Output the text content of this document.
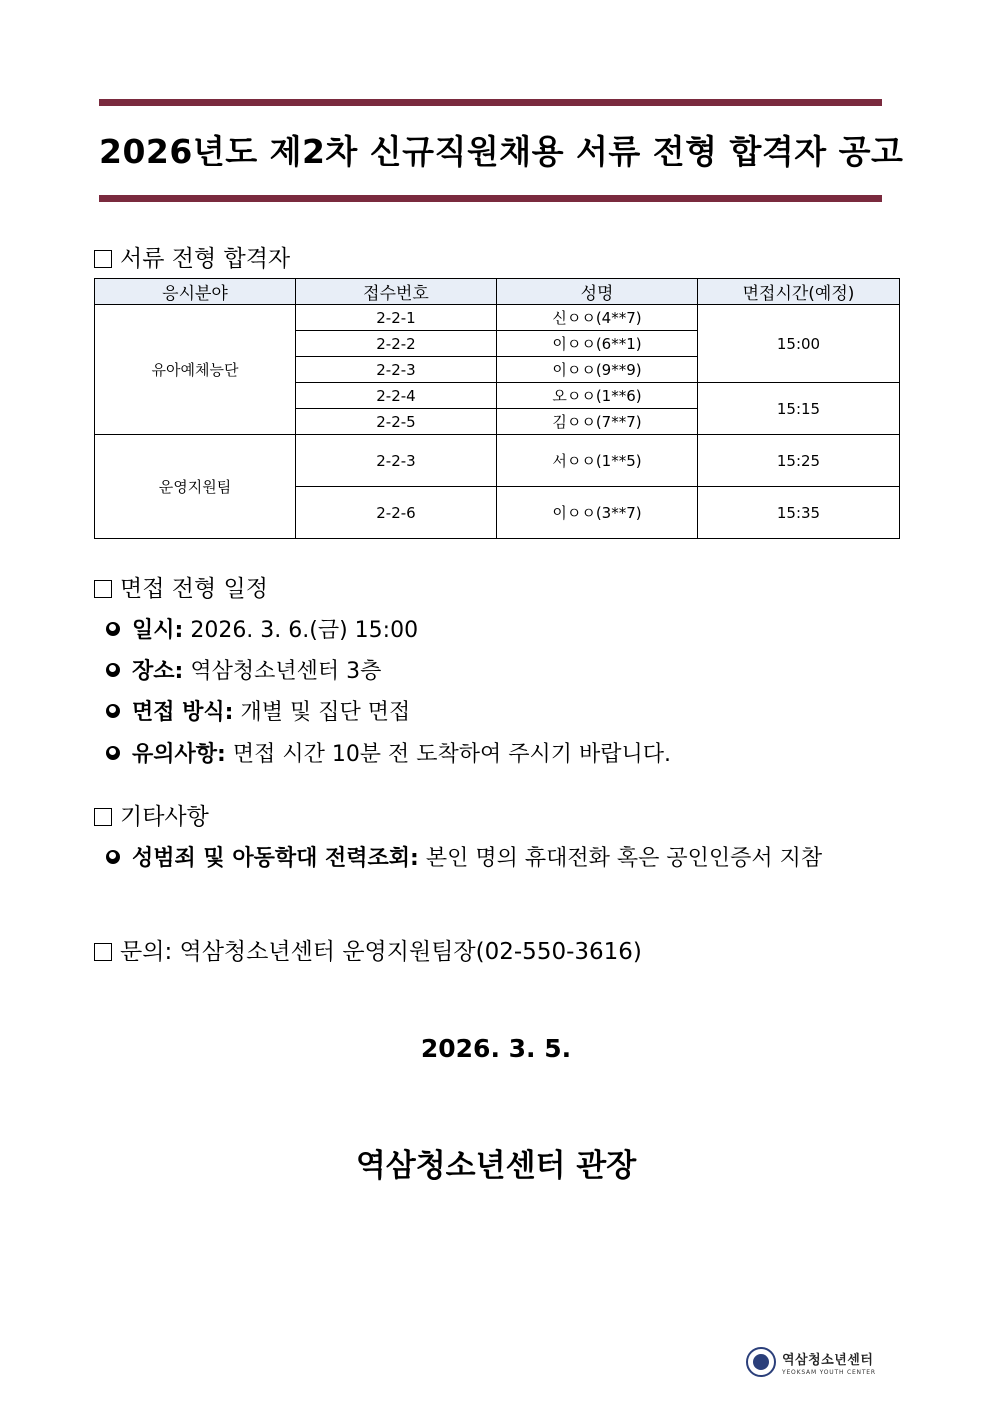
2026년도 제2차 신규직원채용 서류 전형 합격자 공고
서류 전형 합격자
응시분야	접수번호	성명	면접시간(예정)
유아예체능단	2-2-1	신ㅇㅇ(4**7)	15:00
	2-2-2	이ㅇㅇ(6**1)	
	2-2-3	이ㅇㅇ(9**9)	
	2-2-4	오ㅇㅇ(1**6)	15:15
	2-2-5	김ㅇㅇ(7**7)	
운영지원팀	2-2-3	서ㅇㅇ(1**5)	15:25
	2-2-6	이ㅇㅇ(3**7)	15:35
면접 전형 일정
일시: 2026. 3. 6.(금) 15:00
장소: 역삼청소년센터 3층
면접 방식: 개별 및 집단 면접
유의사항: 면접 시간 10분 전 도착하여 주시기 바랍니다.
기타사항
성범죄 및 아동학대 전력조회: 본인 명의 휴대전화 혹은 공인인증서 지참
문의: 역삼청소년센터 운영지원팀장(02-550-3616)
2026. 3. 5.
역삼청소년센터 관장
역삼청소년센터
YEOKSAM YOUTH CENTER
